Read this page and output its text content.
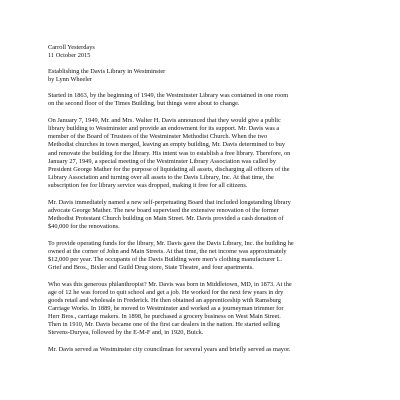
Carroll Yesterdays
11 October 2015
Establishing the Davis Library in Westminster
by Lynn Wheeler
Started in 1863, by the beginning of 1949, the Westminster Library was contained in one room
on the second floor of the Times Building, but things were about to change.
On January 7, 1949, Mr. and Mrs. Walter H. Davis announced that they would give a public
library building to Westminster and provide an endowment for its support. Mr. Davis was a
member of the Board of Trustees of the Westminster Methodist Church. When the two
Methodist churches in town merged, leaving an empty building, Mr. Davis determined to buy
and renovate the building for the library. His intent was to establish a free library. Therefore, on
January 27, 1949, a special meeting of the Westminster Library Association was called by
President George Mather for the purpose of liquidating all assets, discharging all officers of the
Library Association and turning over all assets to the Davis Library, Inc. At that time, the
subscription fee for library service was dropped, making it free for all citizens.
Mr. Davis immediately named a new self-perpetuating Board that included longstanding library
advocate George Mather. The new board supervised the extensive renovation of the former
Methodist Protestant Church building on Main Street. Mr. Davis provided a cash donation of
$40,000 for the renovations.
To provide operating funds for the library, Mr. Davis gave the Davis Library, Inc. the building he
owned at the corner of John and Main Streets. At that time, the net income was approximately
$12,000 per year. The occupants of the Davis Building were men’s clothing manufacturer L.
Grief and Bros., Bixler and Guild Drug store, State Theatre, and four apartments.
Who was this generous philanthropist? Mr. Davis was born in Middletown, MD, in 1873. At the
age of 12 he was forced to quit school and get a job. He worked for the next few years in dry
goods retail and wholesale in Frederick. He then obtained an apprenticeship with Ramsburg
Carriage Works. In 1889, he moved to Westminster and worked as a journeyman trimmer for
Herr Bros., carriage makers. In 1898, he purchased a grocery business on West Main Street.
Then in 1910, Mr. Davis became one of the first car dealers in the nation. He started selling
Stevens-Duryea, followed by the E-M-F and, in 1920, Buick.
Mr. Davis served as Westminster city councilman for several years and briefly served as mayor.
